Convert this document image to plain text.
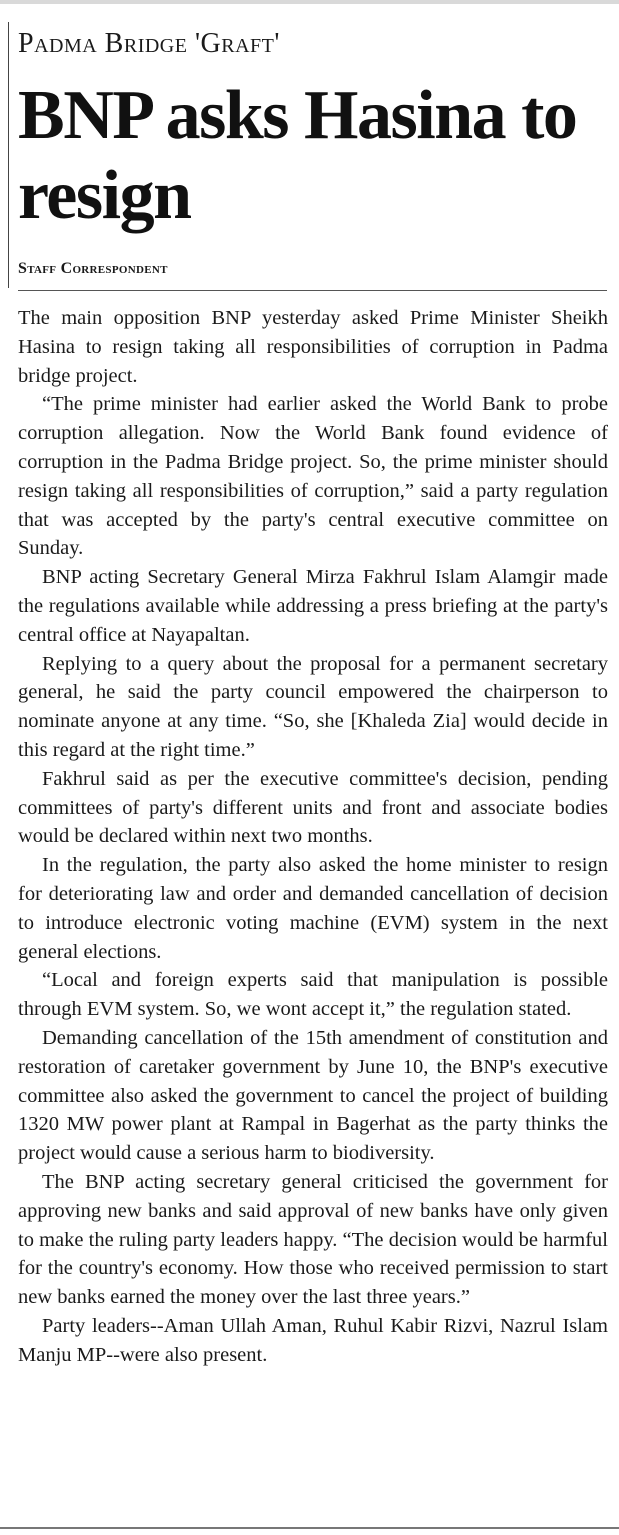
Padma Bridge 'Graft'
BNP asks Hasina to resign
Staff Correspondent

The main opposition BNP yesterday asked Prime Minister Sheikh Hasina to resign taking all responsibilities of corruption in Padma bridge project.

“The prime minister had earlier asked the World Bank to probe corruption allegation. Now the World Bank found evidence of corruption in the Padma Bridge project. So, the prime minister should resign taking all responsibilities of corruption,” said a party regulation that was accepted by the party's central executive committee on Sunday.

BNP acting Secretary General Mirza Fakhrul Islam Alamgir made the regulations available while addressing a press briefing at the party's central office at Nayapaltan.

Replying to a query about the proposal for a permanent secretary general, he said the party council empowered the chairperson to nominate anyone at any time. “So, she [Khaleda Zia] would decide in this regard at the right time.”

Fakhrul said as per the executive committee's decision, pending committees of party's different units and front and associate bodies would be declared within next two months.

In the regulation, the party also asked the home minister to resign for deteriorating law and order and demanded cancellation of decision to introduce electronic voting machine (EVM) system in the next general elections.

“Local and foreign experts said that manipulation is possible through EVM system. So, we wont accept it,” the regulation stated.

Demanding cancellation of the 15th amendment of constitution and restoration of caretaker government by June 10, the BNP's executive committee also asked the government to cancel the project of building 1320 MW power plant at Rampal in Bagerhat as the party thinks the project would cause a serious harm to biodiversity.

The BNP acting secretary general criticised the government for approving new banks and said approval of new banks have only given to make the ruling party leaders happy. “The decision would be harmful for the country's economy. How those who received permission to start new banks earned the money over the last three years.”

Party leaders--Aman Ullah Aman, Ruhul Kabir Rizvi, Nazrul Islam Manju MP--were also present.
